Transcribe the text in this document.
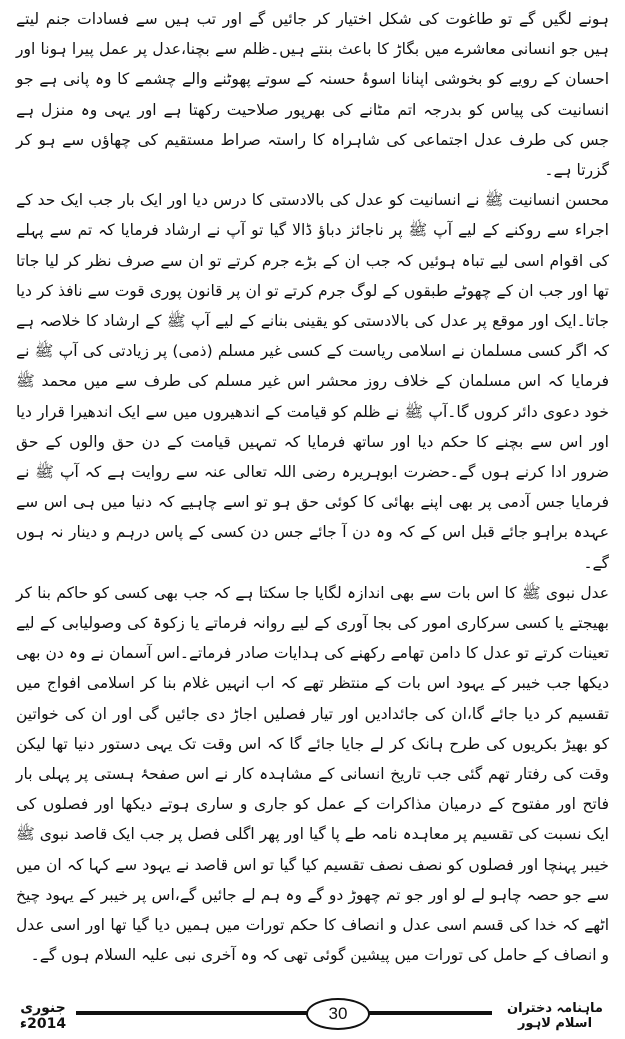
ہونے لگیں گے تو طاغوت کی شکل اختیار کر جائیں گے اور تب ہیں سے فسادات جنم لیتے ہیں جو انسانی معاشرے میں بگاڑ کا باعث بنتے ہیں۔ظلم سے بچنا،عدل پر عمل پیرا ہونا اور احسان کے رویے کو بخوشی اپنانا اسوۂ حسنہ کے سوتے پھوٹنے والے چشمے کا وہ پانی ہے جو انسانیت کی پیاس کو بدرجہ اتم مٹانے کی بھرپور صلاحیت رکھتا ہے اور یہی وہ منزل ہے جس کی طرف عدل اجتماعی کی شاہراہ کا راستہ صراط مستقیم کی چھاؤں سے ہو کر گزرتا ہے۔

محسن انسانیت ﷺ نے انسانیت کو عدل کی بالادستی کا درس دیا اور ایک بار جب ایک حد کے اجراء سے روکنے کے لیے آپ ﷺ پر ناجائز دباؤ ڈالا گیا تو آپ نے ارشاد فرمایا کہ تم سے پہلے کی اقوام اسی لیے تباہ ہوئیں کہ جب ان کے بڑے جرم کرتے تو ان سے صرف نظر کر لیا جاتا تھا اور جب ان کے چھوٹے طبقوں کے لوگ جرم کرتے تو ان پر قانون پوری قوت سے نافذ کر دیا جاتا۔ایک اور موقع پر عدل کی بالادستی کو یقینی بنانے کے لیے آپ ﷺ کے ارشاد کا خلاصہ ہے کہ اگر کسی مسلمان نے اسلامی ریاست کے کسی غیر مسلم (ذمی) پر زیادتی کی آپ ﷺ نے فرمایا کہ اس مسلمان کے خلاف روز محشر اس غیر مسلم کی طرف سے میں محمد ﷺ خود دعوی دائر کروں گا۔آپ ﷺ نے ظلم کو قیامت کے اندھیروں میں سے ایک اندھیرا قرار دیا اور اس سے بچنے کا حکم دیا اور ساتھ فرمایا کہ تمہیں قیامت کے دن حق والوں کے حق ضرور ادا کرنے ہوں گے۔حضرت ابوہریرہ رضی اللہ تعالی عنہ سے روایت ہے کہ آپ ﷺ نے فرمایا جس آدمی پر بھی اپنے بھائی کا کوئی حق ہو تو اسے چاہیے کہ دنیا میں ہی اس سے عہدہ براہو جائے قبل اس کے کہ وہ دن آ جائے جس دن کسی کے پاس درہم و دینار نہ ہوں گے۔

عدل نبوی ﷺ کا اس بات سے بھی اندازہ لگایا جا سکتا ہے کہ جب بھی کسی کو حاکم بنا کر بھیجتے یا کسی سرکاری امور کی بجا آوری کے لیے روانہ فرماتے یا زکوۃ کی وصولیابی کے لیے تعینات کرتے تو عدل کا دامن تھامے رکھنے کی ہدایات صادر فرماتے۔اس آسمان نے وہ دن بھی دیکھا جب خیبر کے یہود اس بات کے منتظر تھے کہ اب انہیں غلام بنا کر اسلامی افواج میں تقسیم کر دیا جائے گا،ان کی جائدادیں اور تیار فصلیں اجاڑ دی جائیں گی اور ان کی خواتین کو بھیڑ بکریوں کی طرح ہانک کر لے جایا جائے گا کہ اس وقت تک یہی دستور دنیا تھا لیکن وقت کی رفتار تھم گئی جب تاریخ انسانی کے مشاہدہ کار نے اس صفحۂ ہستی پر پہلی بار فاتح اور مفتوح کے درمیان مذاکرات کے عمل کو جاری و ساری ہوتے دیکھا اور فصلوں کی ایک نسبت کی تقسیم پر معاہدہ نامہ طے پا گیا اور پھر اگلی فصل پر جب ایک قاصد نبوی ﷺ خیبر پہنچا اور فصلوں کو نصف نصف تقسیم کیا گیا تو اس قاصد نے یہود سے کہا کہ ان میں سے جو حصہ چاہو لے لو اور جو تم چھوڑ دو گے وہ ہم لے جائیں گے،اس پر خیبر کے یہود چیخ اٹھے کہ خدا کی قسم اسی عدل و انصاف کا حکم تورات میں ہمیں دیا گیا تھا اور اسی عدل و انصاف کے حامل کی تورات میں پیشین گوئی تھی کہ وہ آخری نبی علیہ السلام ہوں گے۔

30
جنوری 2014ء
ماہنامہ دختران اسلام لاہور
